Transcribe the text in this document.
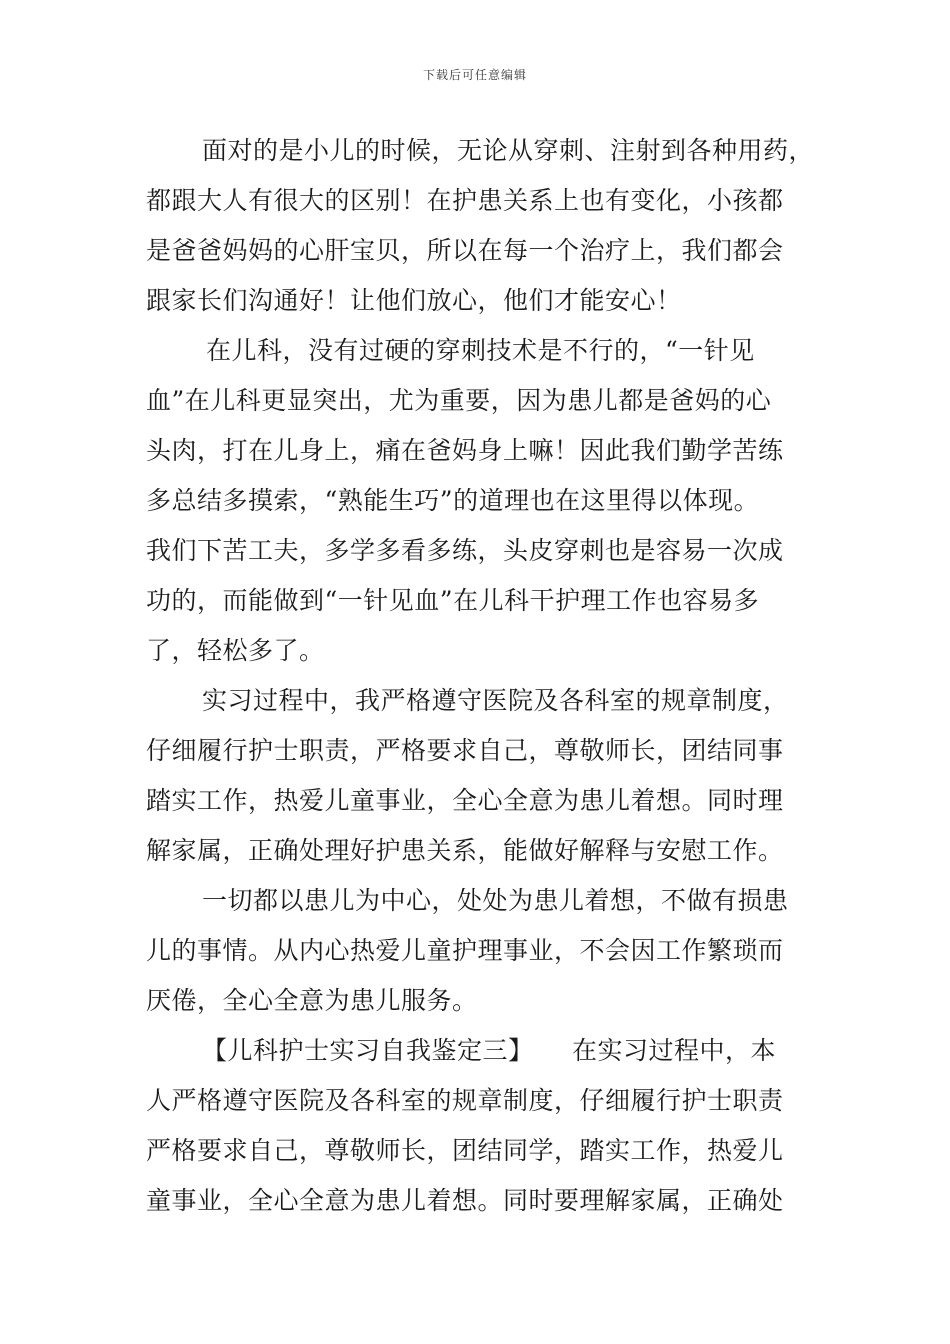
下载后可任意编辑
面对的是小儿的时候，无论从穿刺、注射到各种用药，
都跟大人有很大的区别！在护患关系上也有变化，小孩都
是爸爸妈妈的心肝宝贝，所以在每一个治疗上，我们都会
跟家长们沟通好！让他们放心，他们才能安心！
在儿科，没有过硬的穿刺技术是不行的，“一针见
血”在儿科更显突出，尤为重要，因为患儿都是爸妈的心
头肉，打在儿身上，痛在爸妈身上嘛！因此我们勤学苦练
多总结多摸索，“熟能生巧”的道理也在这里得以体现。
我们下苦工夫，多学多看多练，头皮穿刺也是容易一次成
功的，而能做到“一针见血”在儿科干护理工作也容易多
了，轻松多了。
实习过程中，我严格遵守医院及各科室的规章制度，
仔细履行护士职责，严格要求自己，尊敬师长，团结同事
踏实工作，热爱儿童事业，全心全意为患儿着想。同时理
解家属，正确处理好护患关系，能做好解释与安慰工作。
一切都以患儿为中心，处处为患儿着想，不做有损患
儿的事情。从内心热爱儿童护理事业，不会因工作繁琐而
厌倦，全心全意为患儿服务。
【儿科护士实习自我鉴定三】　　在实习过程中，本
人严格遵守医院及各科室的规章制度，仔细履行护士职责
严格要求自己，尊敬师长，团结同学，踏实工作，热爱儿
童事业，全心全意为患儿着想。同时要理解家属，正确处
